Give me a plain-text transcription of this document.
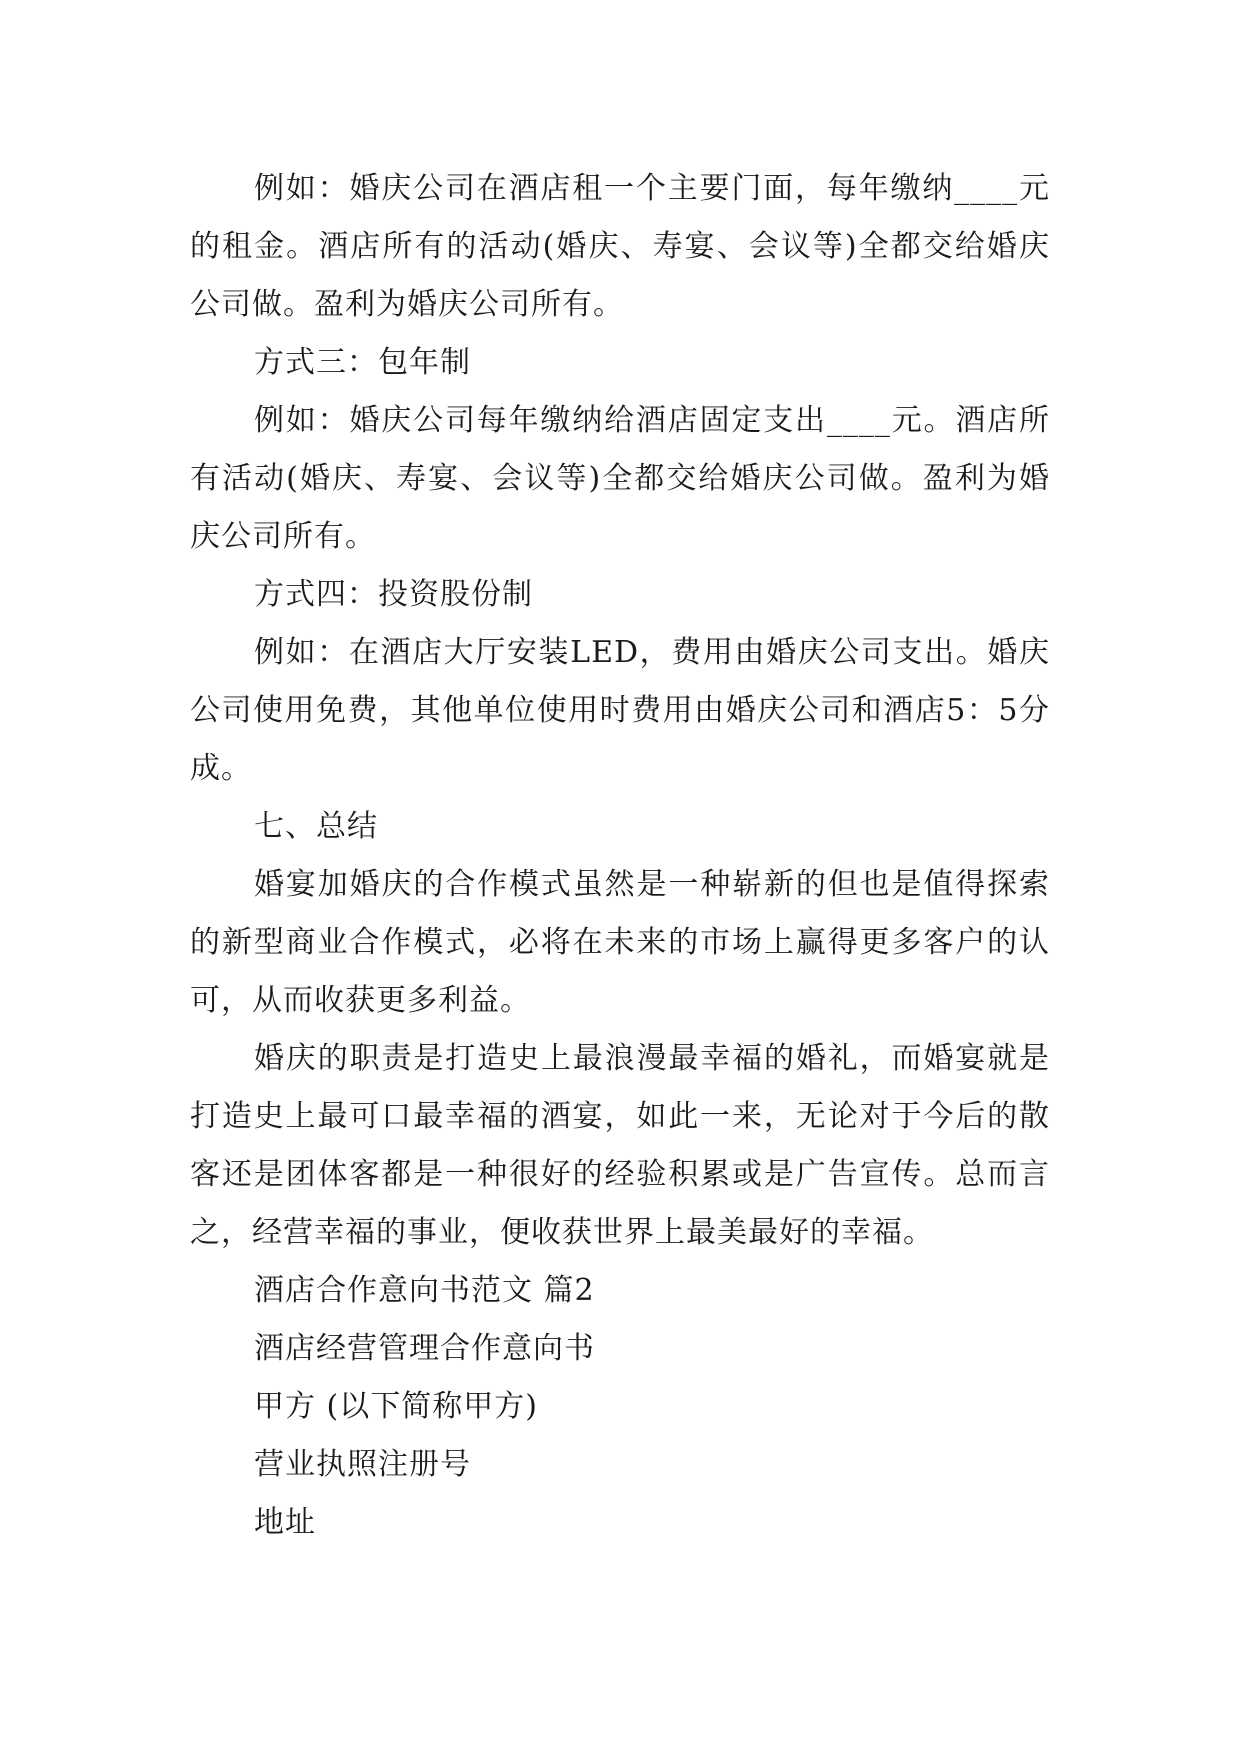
例如：婚庆公司在酒店租一个主要门面，每年缴纳____元的租金。酒店所有的活动(婚庆、寿宴、会议等)全都交给婚庆公司做。盈利为婚庆公司所有。

方式三：包年制

例如：婚庆公司每年缴纳给酒店固定支出____元。酒店所有活动(婚庆、寿宴、会议等)全都交给婚庆公司做。盈利为婚庆公司所有。

方式四：投资股份制

例如：在酒店大厅安装LED，费用由婚庆公司支出。婚庆公司使用免费，其他单位使用时费用由婚庆公司和酒店5：5分成。

七、总结

婚宴加婚庆的合作模式虽然是一种崭新的但也是值得探索的新型商业合作模式，必将在未来的市场上赢得更多客户的认可，从而收获更多利益。

婚庆的职责是打造史上最浪漫最幸福的婚礼，而婚宴就是打造史上最可口最幸福的酒宴，如此一来，无论对于今后的散客还是团体客都是一种很好的经验积累或是广告宣传。总而言之，经营幸福的事业，便收获世界上最美最好的幸福。

酒店合作意向书范文 篇2

酒店经营管理合作意向书

甲方 (以下简称甲方)

营业执照注册号

地址
